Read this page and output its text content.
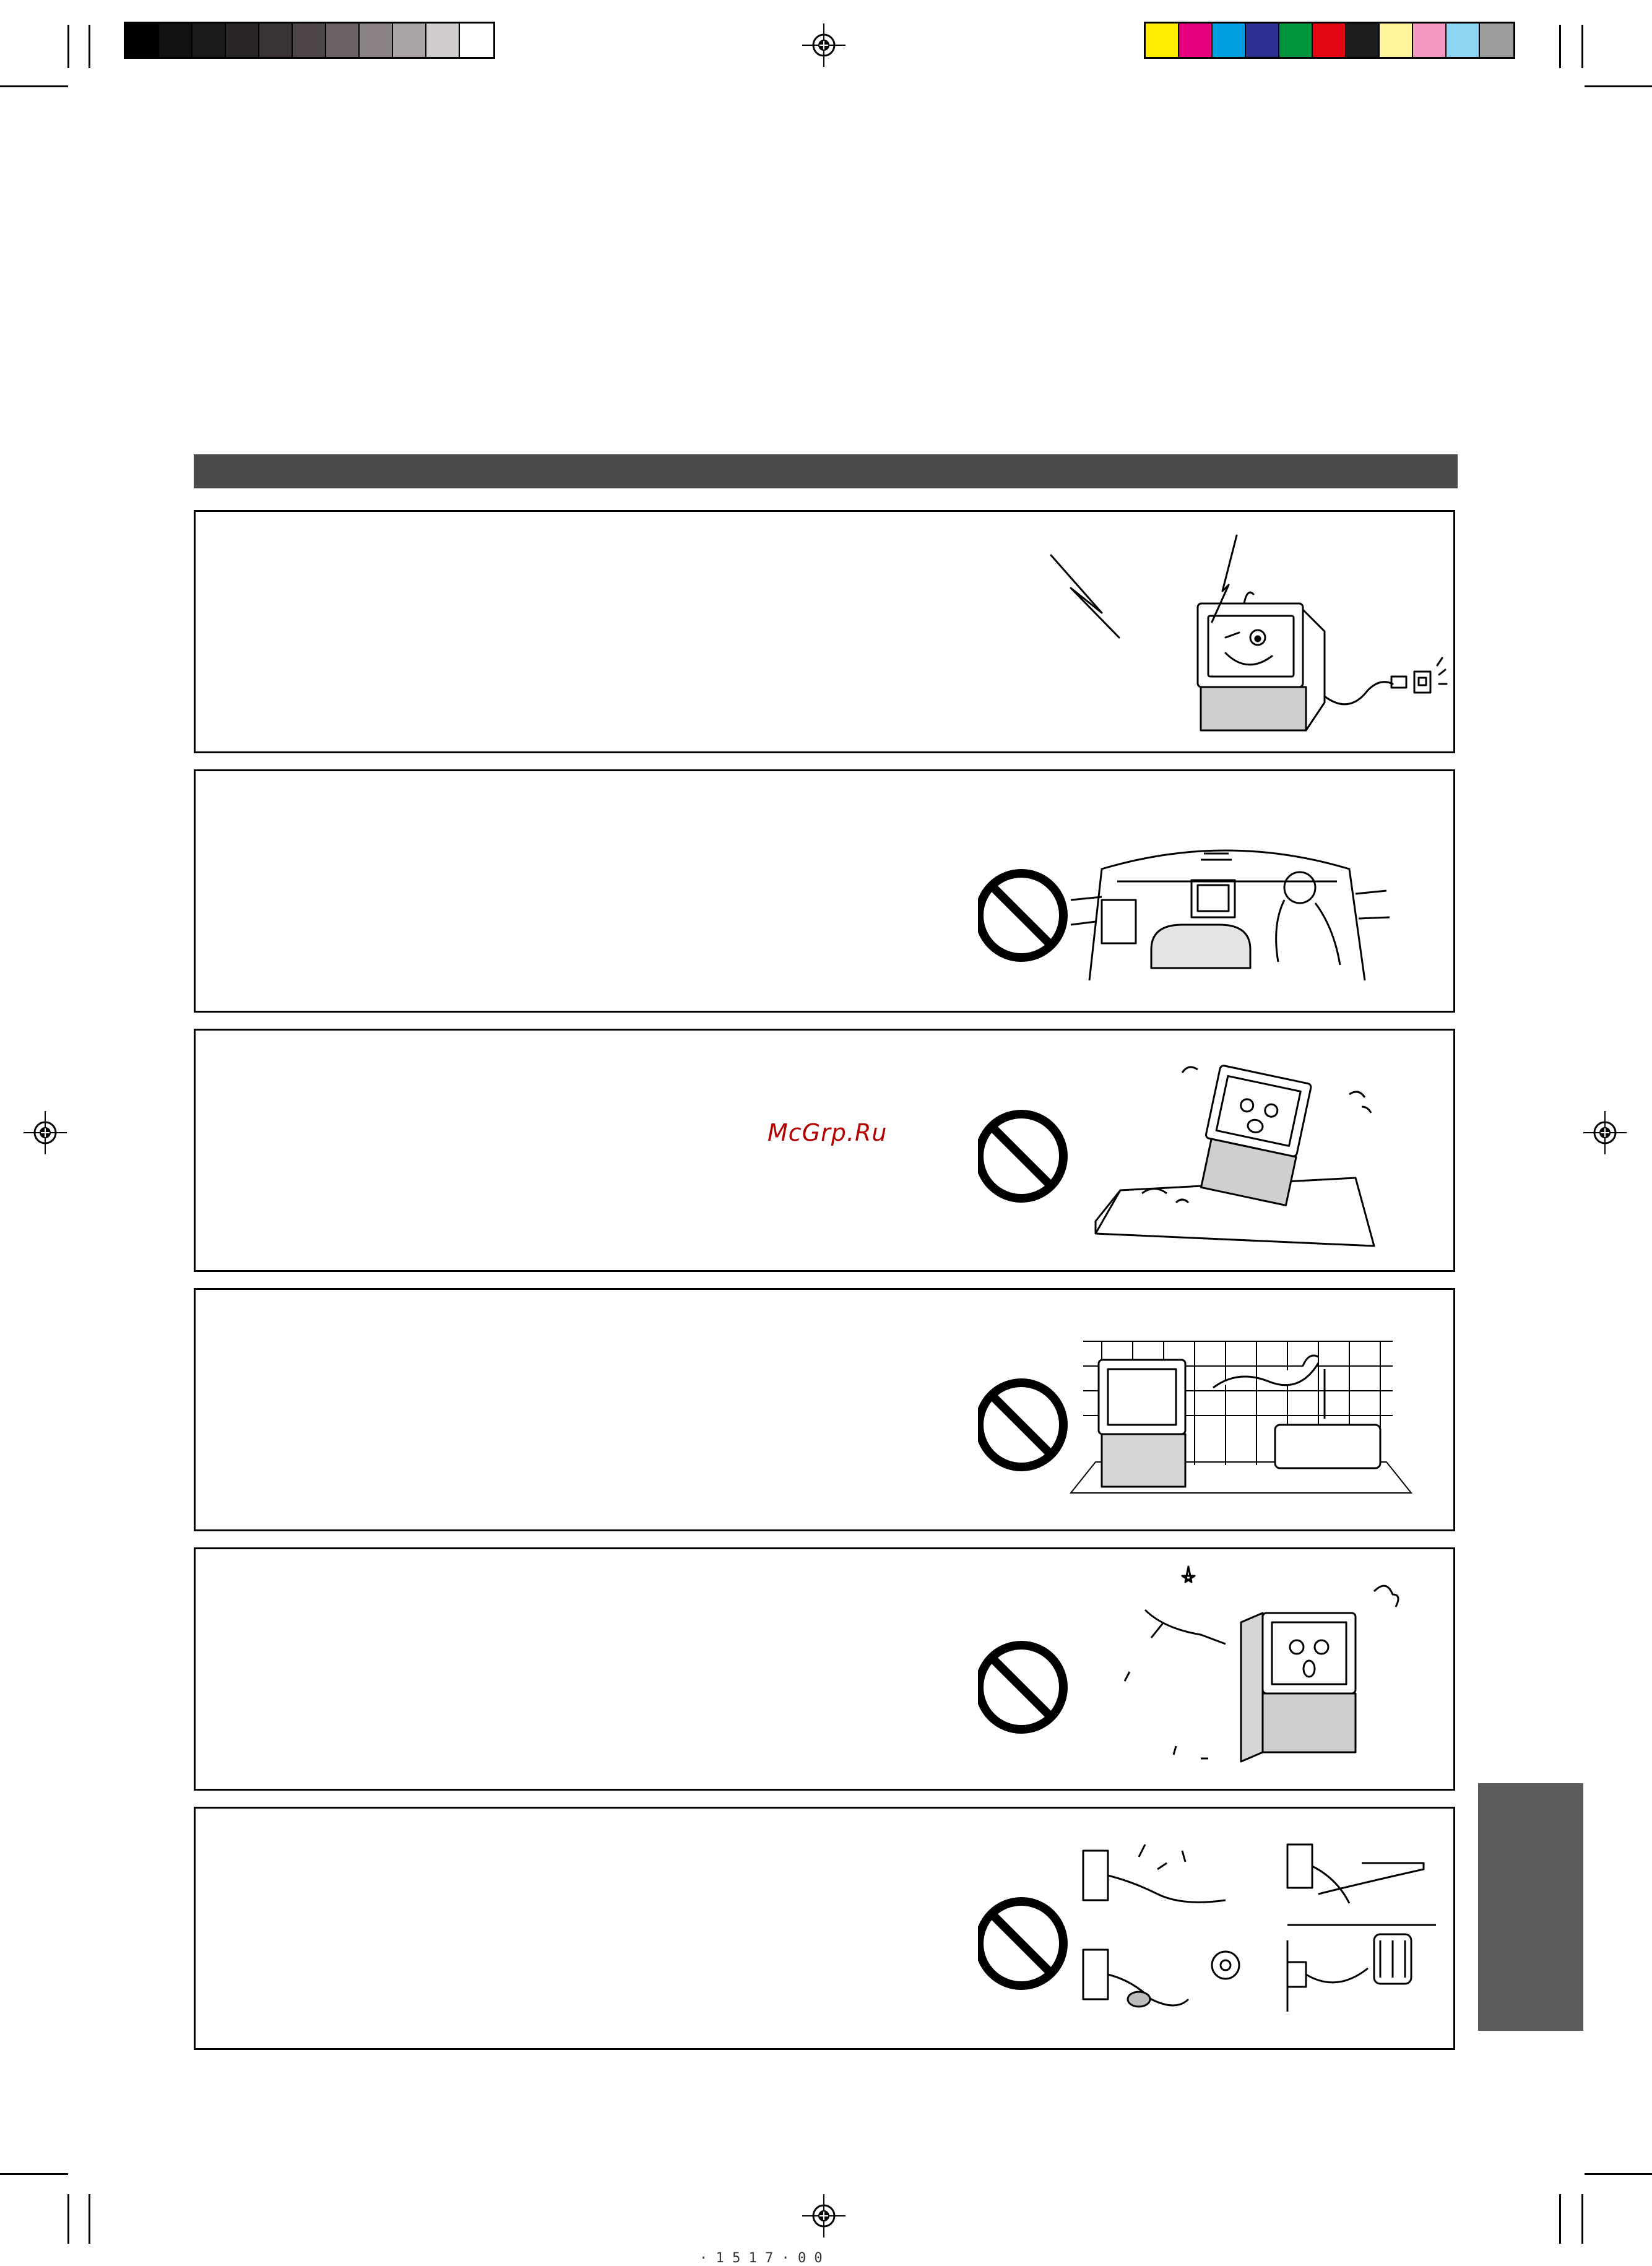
McGrp.Ru
· 1 5 1 7 · 0 0
